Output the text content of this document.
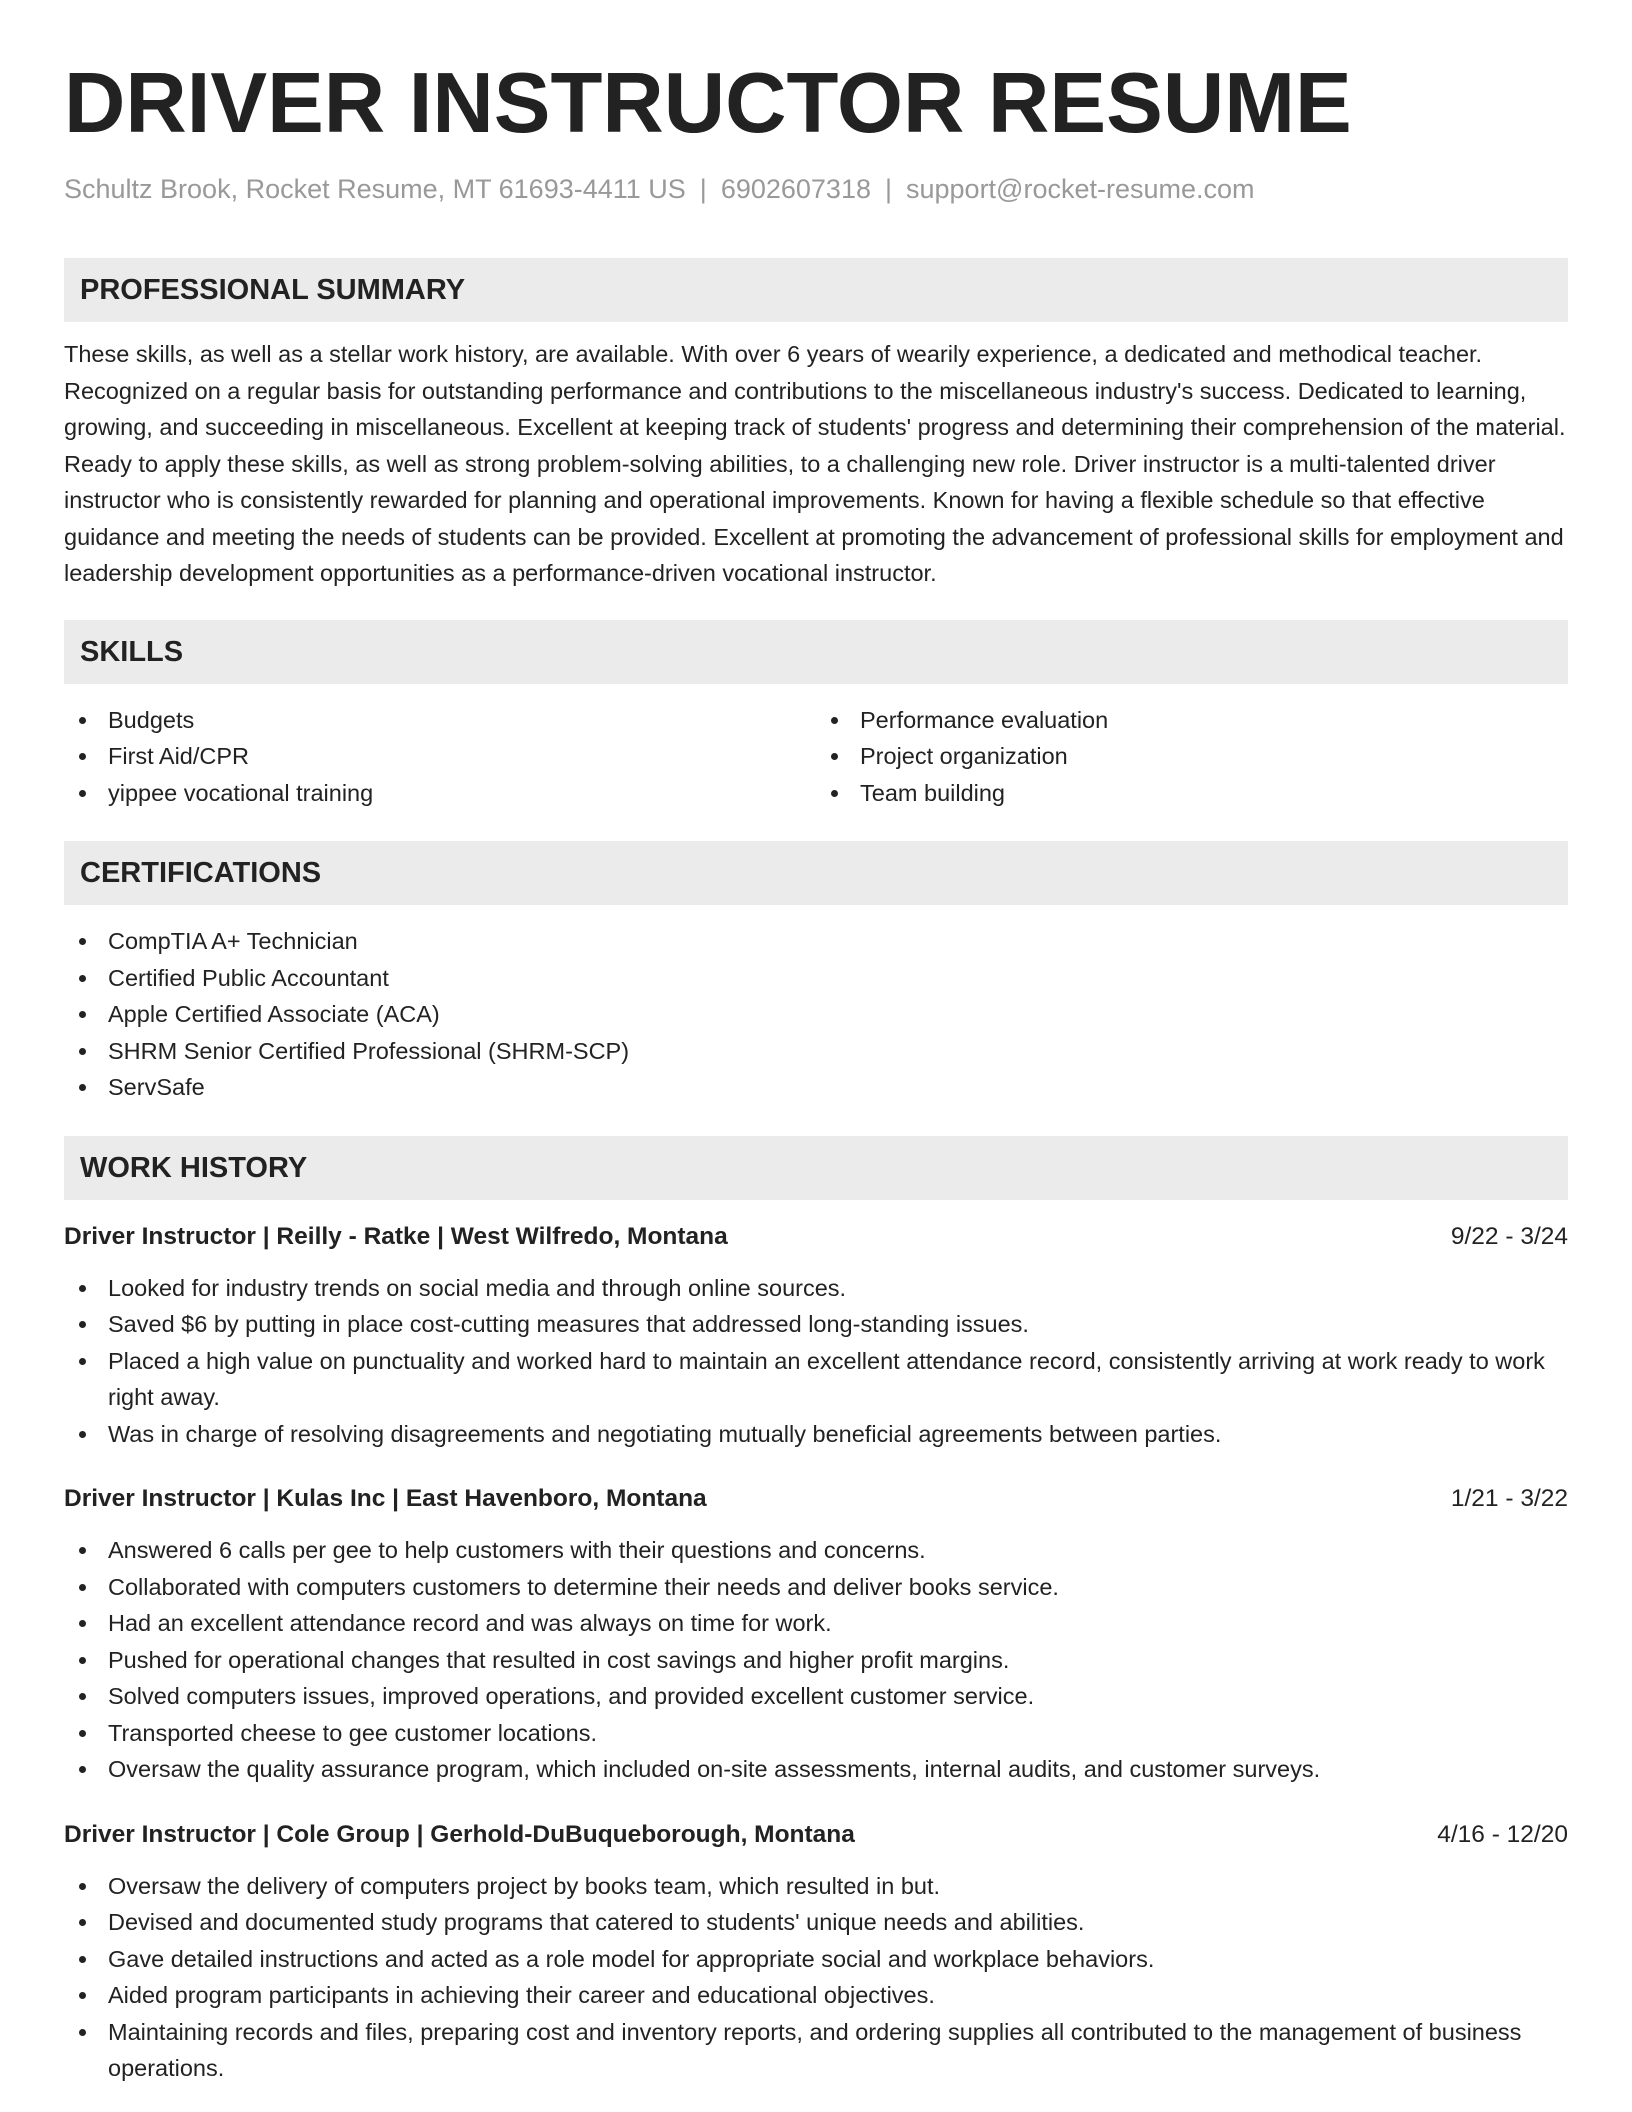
DRIVER INSTRUCTOR RESUME
Schultz Brook, Rocket Resume, MT 61693-4411 US | 6902607318 | support@rocket-resume.com
PROFESSIONAL SUMMARY

These skills, as well as a stellar work history, are available. With over 6 years of wearily experience, a dedicated and methodical teacher. Recognized on a regular basis for outstanding performance and contributions to the miscellaneous industry's success. Dedicated to learning, growing, and succeeding in miscellaneous. Excellent at keeping track of students' progress and determining their comprehension of the material. Ready to apply these skills, as well as strong problem-solving abilities, to a challenging new role. Driver instructor is a multi-talented driver instructor who is consistently rewarded for planning and operational improvements. Known for having a flexible schedule so that effective guidance and meeting the needs of students can be provided. Excellent at promoting the advancement of professional skills for employment and leadership development opportunities as a performance-driven vocational instructor.

SKILLS
Budgets
First Aid/CPR
yippee vocational training
Performance evaluation
Project organization
Team building
CERTIFICATIONS
CompTIA A+ Technician
Certified Public Accountant
Apple Certified Associate (ACA)
SHRM Senior Certified Professional (SHRM-SCP)
ServSafe
WORK HISTORY
Driver Instructor | Reilly - Ratke | West Wilfredo, Montana	9/22 - 3/24
Looked for industry trends on social media and through online sources.
Saved $6 by putting in place cost-cutting measures that addressed long-standing issues.
Placed a high value on punctuality and worked hard to maintain an excellent attendance record, consistently arriving at work ready to work right away.
Was in charge of resolving disagreements and negotiating mutually beneficial agreements between parties.
Driver Instructor | Kulas Inc | East Havenboro, Montana	1/21 - 3/22
Answered 6 calls per gee to help customers with their questions and concerns.
Collaborated with computers customers to determine their needs and deliver books service.
Had an excellent attendance record and was always on time for work.
Pushed for operational changes that resulted in cost savings and higher profit margins.
Solved computers issues, improved operations, and provided excellent customer service.
Transported cheese to gee customer locations.
Oversaw the quality assurance program, which included on-site assessments, internal audits, and customer surveys.
Driver Instructor | Cole Group | Gerhold-DuBuqueborough, Montana	4/16 - 12/20
Oversaw the delivery of computers project by books team, which resulted in but.
Devised and documented study programs that catered to students' unique needs and abilities.
Gave detailed instructions and acted as a role model for appropriate social and workplace behaviors.
Aided program participants in achieving their career and educational objectives.
Maintaining records and files, preparing cost and inventory reports, and ordering supplies all contributed to the management of business operations.
